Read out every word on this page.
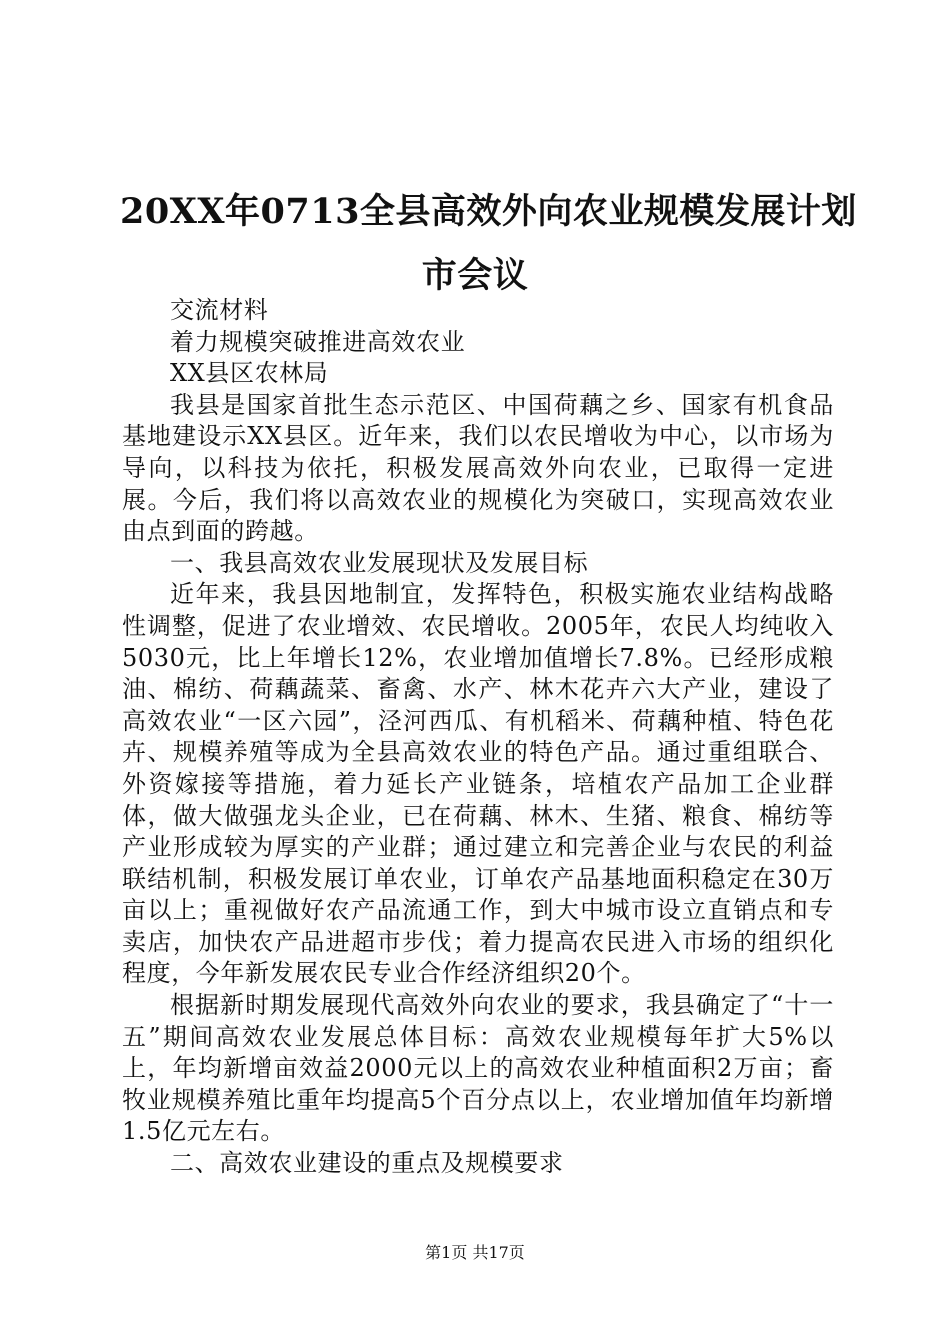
20XX年0713全县高效外向农业规模发展计划
市会议

交流材料

着力规模突破推进高效农业

XX县区农林局

我县是国家首批生态示范区、中国荷藕之乡、国家有机食品基地建设示XX县区。近年来，我们以农民增收为中心，以市场为导向，以科技为依托，积极发展高效外向农业，已取得一定进展。今后，我们将以高效农业的规模化为突破口，实现高效农业由点到面的跨越。

一、我县高效农业发展现状及发展目标

近年来，我县因地制宜，发挥特色，积极实施农业结构战略性调整，促进了农业增效、农民增收。2005年，农民人均纯收入5030元，比上年增长12%，农业增加值增长7.8%。已经形成粮油、棉纺、荷藕蔬菜、畜禽、水产、林木花卉六大产业，建设了高效农业“一区六园”，泾河西瓜、有机稻米、荷藕种植、特色花卉、规模养殖等成为全县高效农业的特色产品。通过重组联合、外资嫁接等措施，着力延长产业链条，培植农产品加工企业群体，做大做强龙头企业，已在荷藕、林木、生猪、粮食、棉纺等产业形成较为厚实的产业群；通过建立和完善企业与农民的利益联结机制，积极发展订单农业，订单农产品基地面积稳定在30万亩以上；重视做好农产品流通工作，到大中城市设立直销点和专卖店，加快农产品进超市步伐；着力提高农民进入市场的组织化程度，今年新发展农民专业合作经济组织20个。

根据新时期发展现代高效外向农业的要求，我县确定了“十一五”期间高效农业发展总体目标：高效农业规模每年扩大5%以上，年均新增亩效益2000元以上的高效农业种植面积2万亩；畜牧业规模养殖比重年均提高5个百分点以上，农业增加值年均新增1.5亿元左右。

二、高效农业建设的重点及规模要求

第1页 共17页
